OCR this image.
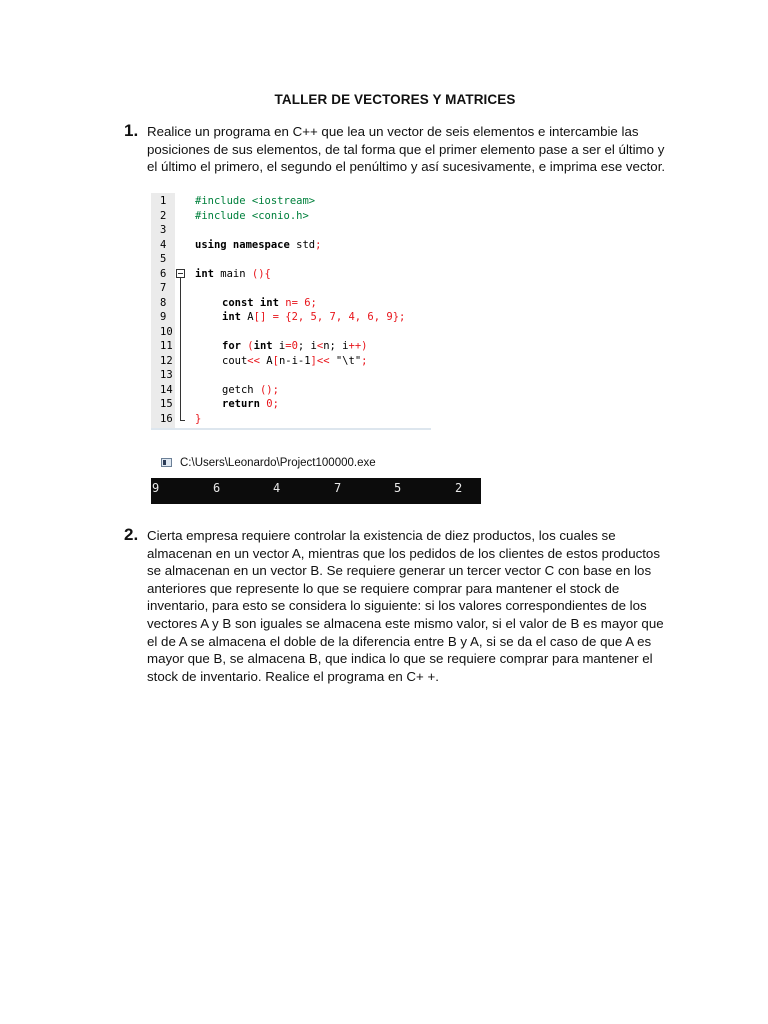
TALLER DE VECTORES Y MATRICES
1. Realice un programa en C++ que lea un vector de seis elementos e intercambie las posiciones de sus elementos, de tal forma que el primer elemento pase a ser el último y el último el primero, el segundo el penúltimo y así sucesivamente, e imprima ese vector.
1	#include <iostream>
2	#include <conio.h>
3
4	using namespace std;
5
6	int main (){
7
8	const int n= 6;
9	int A[] = {2, 5, 7, 4, 6, 9};
10
11	for (int i=0; i<n; i++)
12	cout<< A[n-i-1]<< "\t";
13
14	getch ();
15	return 0;
16 }
C:\Users\Leonardo\Project100000.exe
9	6	4	7	5	2
2. Cierta empresa requiere controlar la existencia de diez productos, los cuales se almacenan en un vector A, mientras que los pedidos de los clientes de estos productos se almacenan en un vector B. Se requiere generar un tercer vector C con base en los anteriores que represente lo que se requiere comprar para mantener el stock de inventario, para esto se considera lo siguiente: si los valores correspondientes de los vectores A y B son iguales se almacena este mismo valor, si el valor de B es mayor que el de A se almacena el doble de la diferencia entre B y A, si se da el caso de que A es mayor que B, se almacena B, que indica lo que se requiere comprar para mantener el stock de inventario. Realice el programa en C+ +.
